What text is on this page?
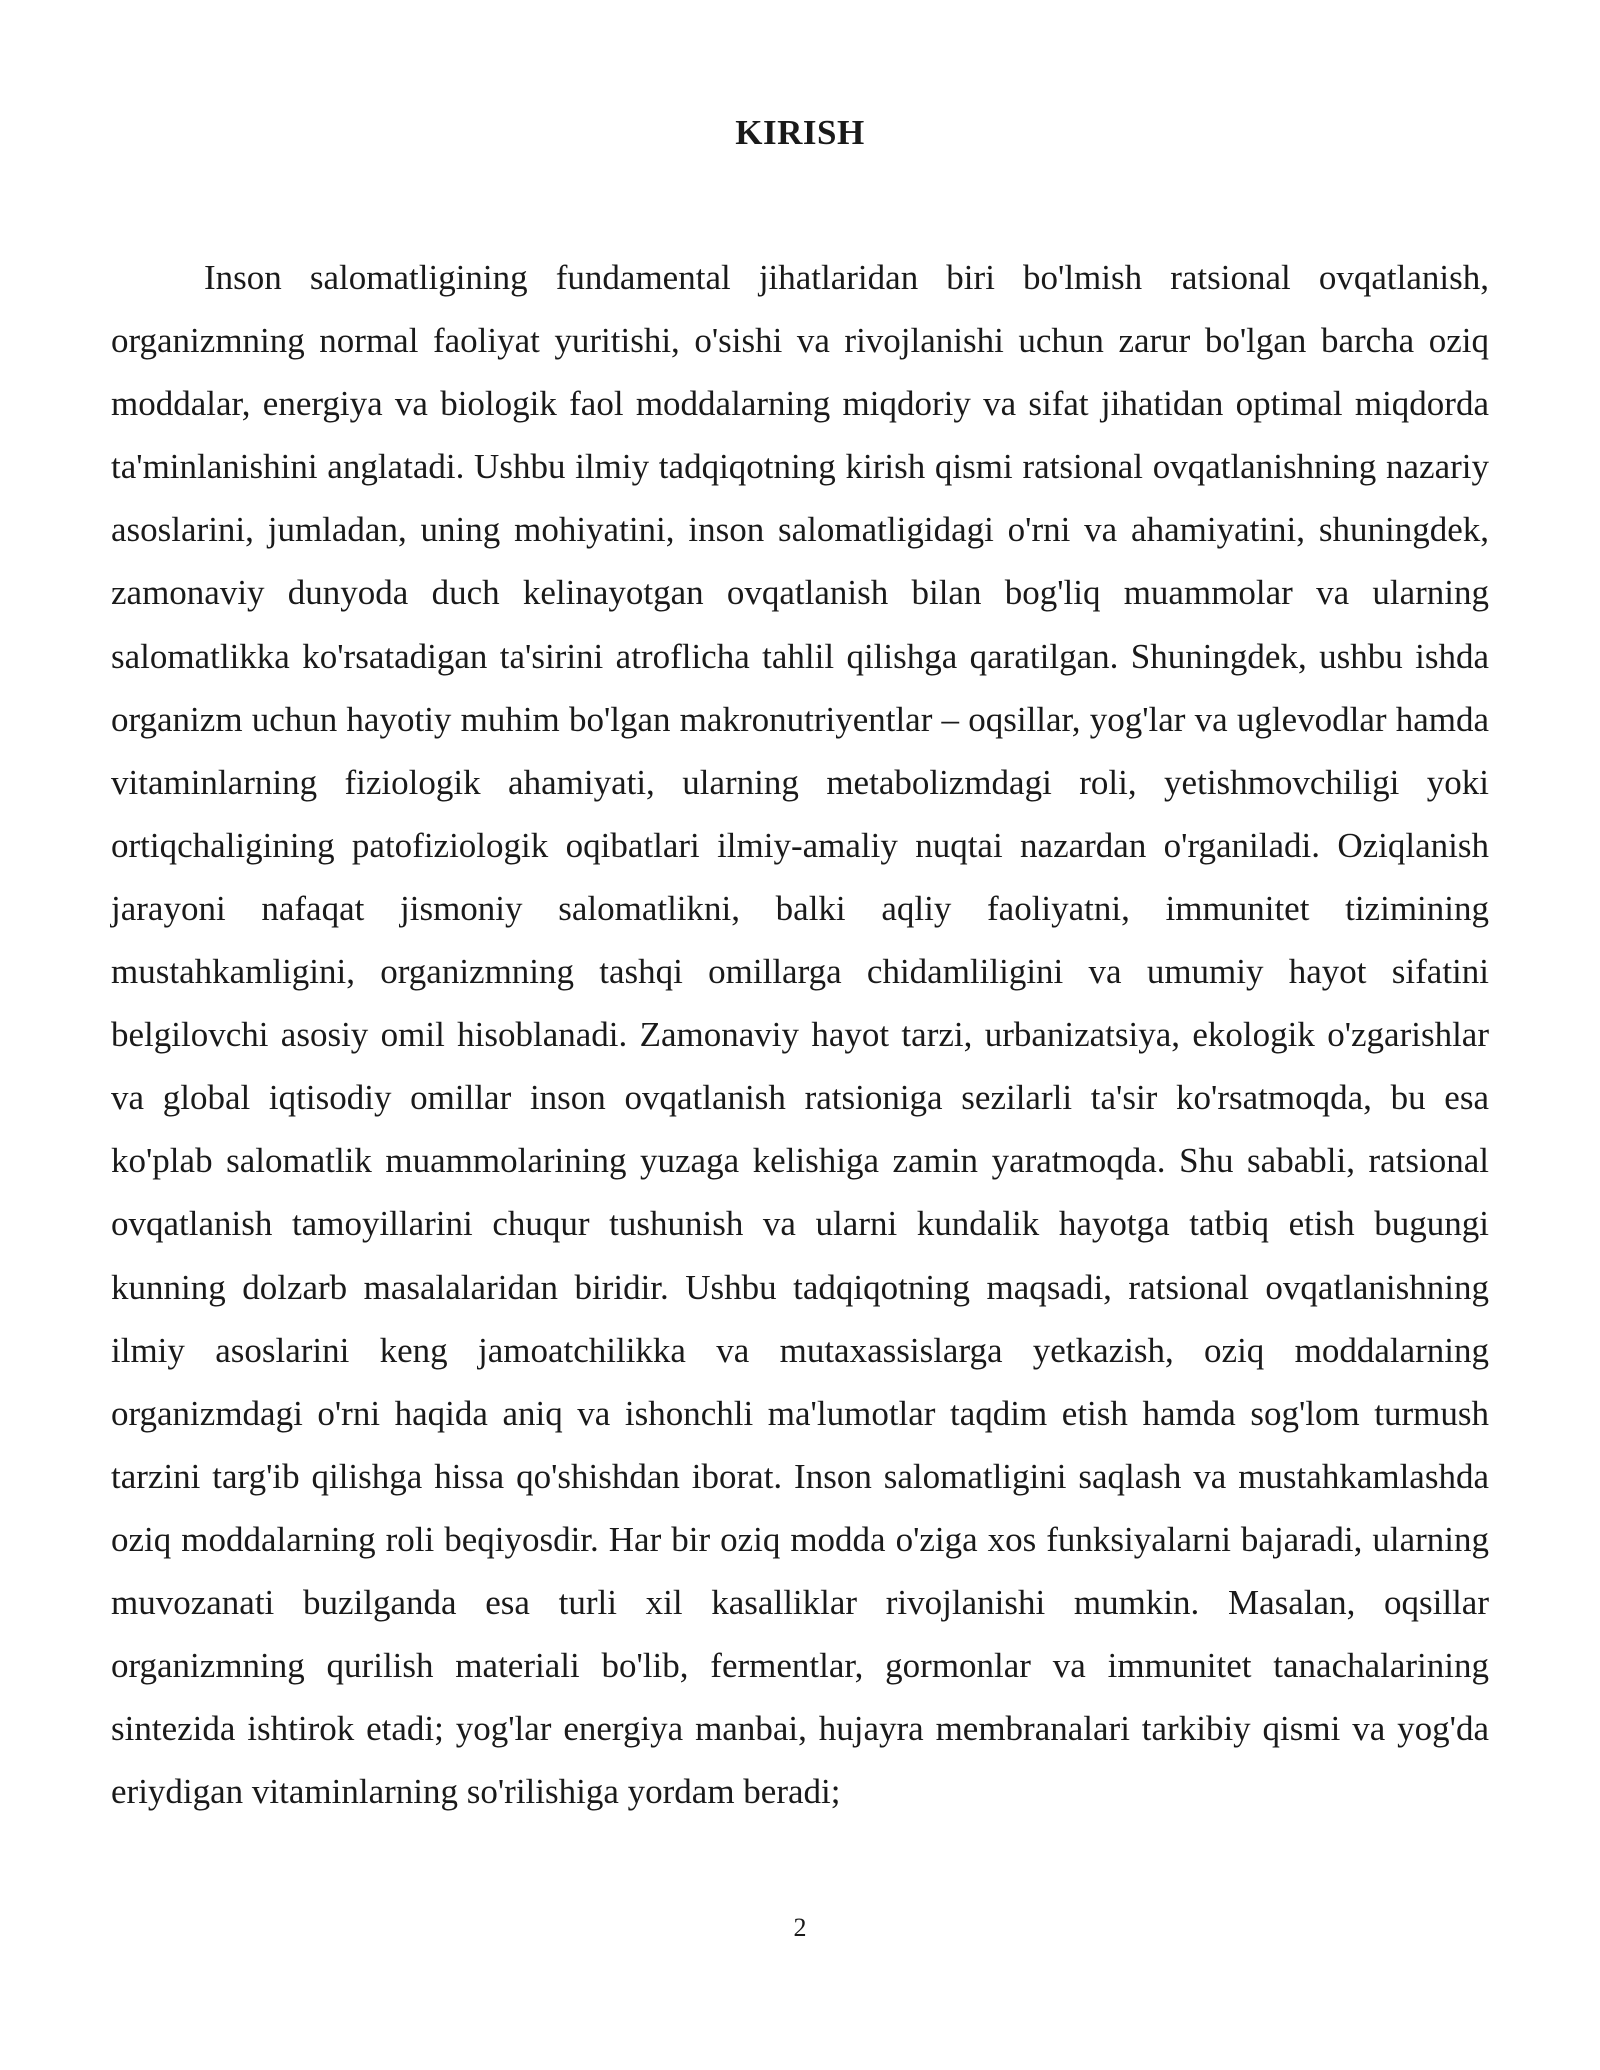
KIRISH

Inson salomatligining fundamental jihatlaridan biri bo'lmish ratsional ovqatlanish, organizmning normal faoliyat yuritishi, o'sishi va rivojlanishi uchun zarur bo'lgan barcha oziq moddalar, energiya va biologik faol moddalarning miqdoriy va sifat jihatidan optimal miqdorda ta'minlanishini anglatadi. Ushbu ilmiy tadqiqotning kirish qismi ratsional ovqatlanishning nazariy asoslarini, jumladan, uning mohiyatini, inson salomatligidagi o'rni va ahamiyatini, shuningdek, zamonaviy dunyoda duch kelinayotgan ovqatlanish bilan bog'liq muammolar va ularning salomatlikka ko'rsatadigan ta'sirini atroflicha tahlil qilishga qaratilgan. Shuningdek, ushbu ishda organizm uchun hayotiy muhim bo'lgan makronutriyentlar – oqsillar, yog'lar va uglevodlar hamda vitaminlarning fiziologik ahamiyati, ularning metabolizmdagi roli, yetishmovchiligi yoki ortiqchaligining patofiziologik oqibatlari ilmiy-amaliy nuqtai nazardan o'rganiladi. Oziqlanish jarayoni nafaqat jismoniy salomatlikni, balki aqliy faoliyatni, immunitet tizimining mustahkamligini, organizmning tashqi omillarga chidamliligini va umumiy hayot sifatini belgilovchi asosiy omil hisoblanadi. Zamonaviy hayot tarzi, urbanizatsiya, ekologik o'zgarishlar va global iqtisodiy omillar inson ovqatlanish ratsioniga sezilarli ta'sir ko'rsatmoqda, bu esa ko'plab salomatlik muammolarining yuzaga kelishiga zamin yaratmoqda. Shu sababli, ratsional ovqatlanish tamoyillarini chuqur tushunish va ularni kundalik hayotga tatbiq etish bugungi kunning dolzarb masalalaridan biridir. Ushbu tadqiqotning maqsadi, ratsional ovqatlanishning ilmiy asoslarini keng jamoatchilikka va mutaxassislarga yetkazish, oziq moddalarning organizmdagi o'rni haqida aniq va ishonchli ma'lumotlar taqdim etish hamda sog'lom turmush tarzini targ'ib qilishga hissa qo'shishdan iborat. Inson salomatligini saqlash va mustahkamlashda oziq moddalarning roli beqiyosdir. Har bir oziq modda o'ziga xos funksiyalarni bajaradi, ularning muvozanati buzilganda esa turli xil kasalliklar rivojlanishi mumkin. Masalan, oqsillar organizmning qurilish materiali bo'lib, fermentlar, gormonlar va immunitet tanachalarining sintezida ishtirok etadi; yog'lar energiya manbai, hujayra membranalari tarkibiy qismi va yog'da eriydigan vitaminlarning so'rilishiga yordam beradi;

2
